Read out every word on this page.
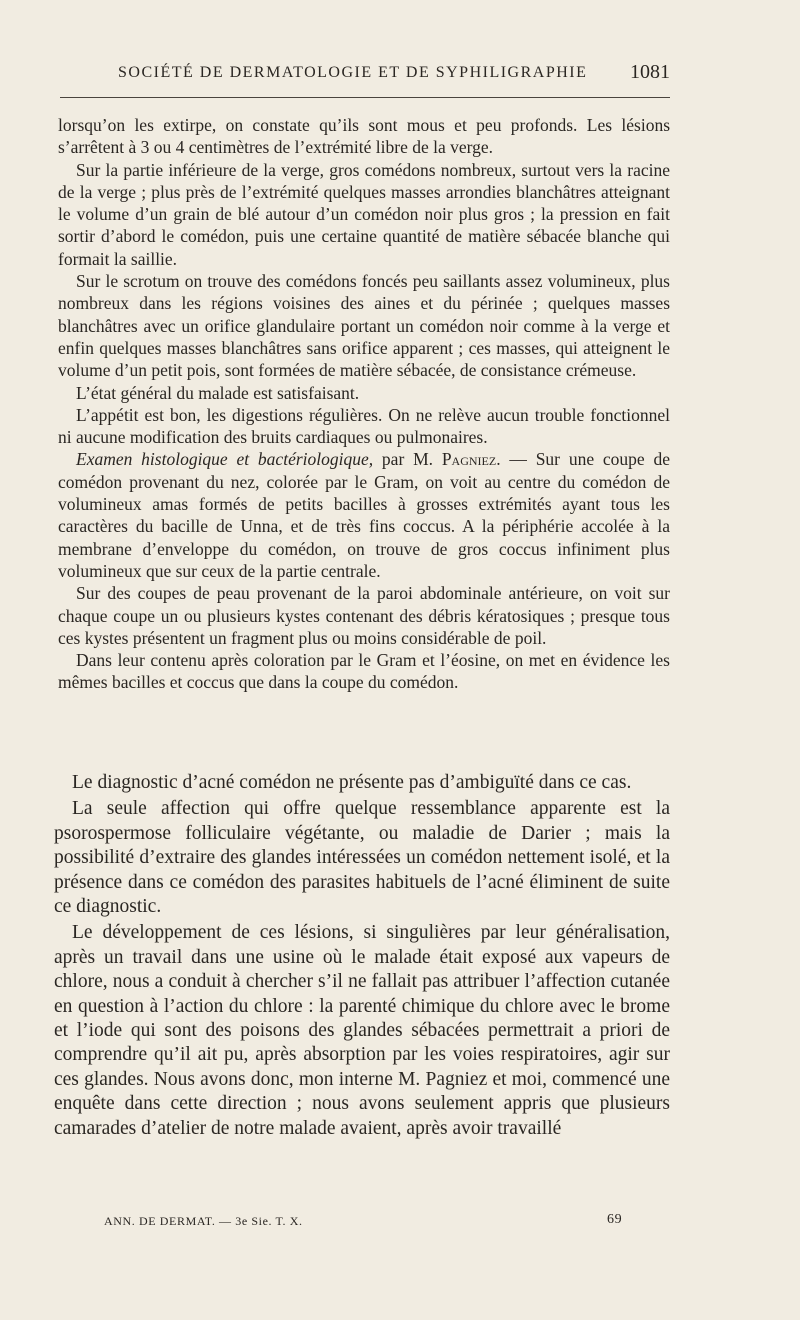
SOCIÉTÉ DE DERMATOLOGIE ET DE SYPHILIGRAPHIE 1081

lorsqu’on les extirpe, on constate qu’ils sont mous et peu profonds. Les lésions s’arrêtent à 3 ou 4 centimètres de l’extrémité libre de la verge.

Sur la partie inférieure de la verge, gros comédons nombreux, surtout vers la racine de la verge ; plus près de l’extrémité quelques masses arrondies blanchâtres atteignant le volume d’un grain de blé autour d’un comédon noir plus gros ; la pression en fait sortir d’abord le comédon, puis une certaine quantité de matière sébacée blanche qui formait la saillie.

Sur le scrotum on trouve des comédons foncés peu saillants assez volumineux, plus nombreux dans les régions voisines des aines et du périnée ; quelques masses blanchâtres avec un orifice glandulaire portant un comédon noir comme à la verge et enfin quelques masses blanchâtres sans orifice apparent ; ces masses, qui atteignent le volume d’un petit pois, sont formées de matière sébacée, de consistance crémeuse.

L’état général du malade est satisfaisant.

L’appétit est bon, les digestions régulières. On ne relève aucun trouble fonctionnel ni aucune modification des bruits cardiaques ou pulmonaires.

Examen histologique et bactériologique, par M. Pagniez. — Sur une coupe de comédon provenant du nez, colorée par le Gram, on voit au centre du comédon de volumineux amas formés de petits bacilles à grosses extrémités ayant tous les caractères du bacille de Unna, et de très fins coccus. A la périphérie accolée à la membrane d’enveloppe du comédon, on trouve de gros coccus infiniment plus volumineux que sur ceux de la partie centrale.

Sur des coupes de peau provenant de la paroi abdominale antérieure, on voit sur chaque coupe un ou plusieurs kystes contenant des débris kératosiques ; presque tous ces kystes présentent un fragment plus ou moins considérable de poil.

Dans leur contenu après coloration par le Gram et l’éosine, on met en évidence les mêmes bacilles et coccus que dans la coupe du comédon.

Le diagnostic d’acné comédon ne présente pas d’ambiguïté dans ce cas.

La seule affection qui offre quelque ressemblance apparente est la psorospermose folliculaire végétante, ou maladie de Darier ; mais la possibilité d’extraire des glandes intéressées un comédon nettement isolé, et la présence dans ce comédon des parasites habituels de l’acné éliminent de suite ce diagnostic.

Le développement de ces lésions, si singulières par leur généralisation, après un travail dans une usine où le malade était exposé aux vapeurs de chlore, nous a conduit à chercher s’il ne fallait pas attribuer l’affection cutanée en question à l’action du chlore : la parenté chimique du chlore avec le brome et l’iode qui sont des poisons des glandes sébacées permettrait a priori de comprendre qu’il ait pu, après absorption par les voies respiratoires, agir sur ces glandes. Nous avons donc, mon interne M. Pagniez et moi, commencé une enquête dans cette direction ; nous avons seulement appris que plusieurs camarades d’atelier de notre malade avaient, après avoir travaillé

ANN. DE DERMAT. — 3e Sie. T. X.	69
